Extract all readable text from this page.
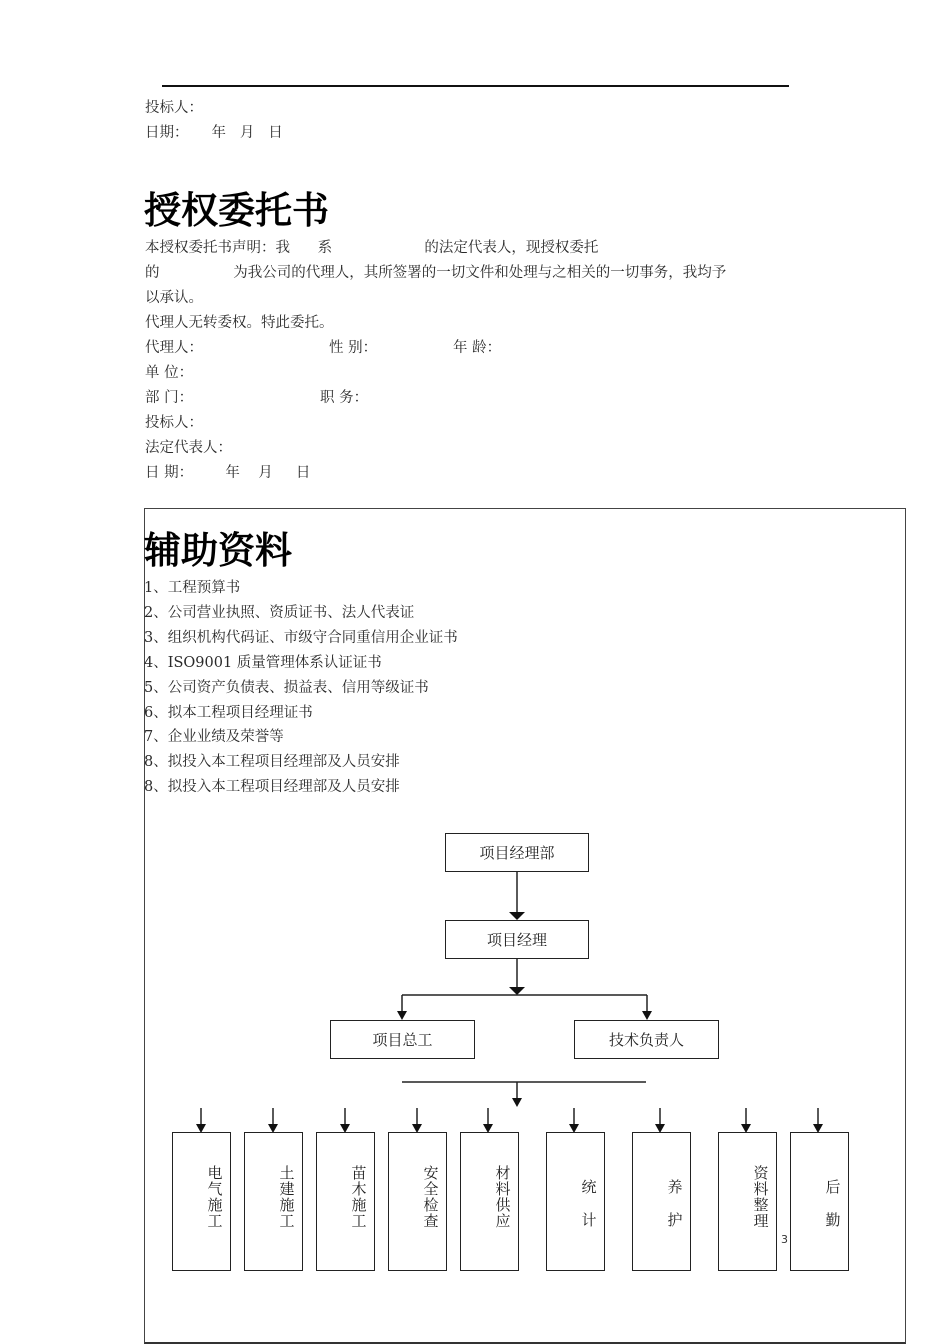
投标人：
日期：     年   月   日
授权委托书
本授权委托书声明：我      系                    的法定代表人，现授权委托
的                为我公司的代理人，其所签署的一切文件和处理与之相关的一切事务，我均予
以承认。
代理人无转委权。特此委托。
代理人：	性 别：	年 龄：
单 位：
部 门：	职 务：
投标人：
法定代表人：
日 期：       年    月     日
辅助资料
1、工程预算书
2、公司营业执照、资质证书、法人代表证
3、组织机构代码证、市级守合同重信用企业证书
4、ISO9001 质量管理体系认证证书
5、公司资产负债表、损益表、信用等级证书
6、拟本工程项目经理证书
7、企业业绩及荣誉等
8、拟投入本工程项目经理部及人员安排
8、拟投入本工程项目经理部及人员安排
项目经理部
项目经理
项目总工	技术负责人
电气施工
土建施工
苗木施工
安全检查
材料供应
统计
养护
资料整理
后勤
3
